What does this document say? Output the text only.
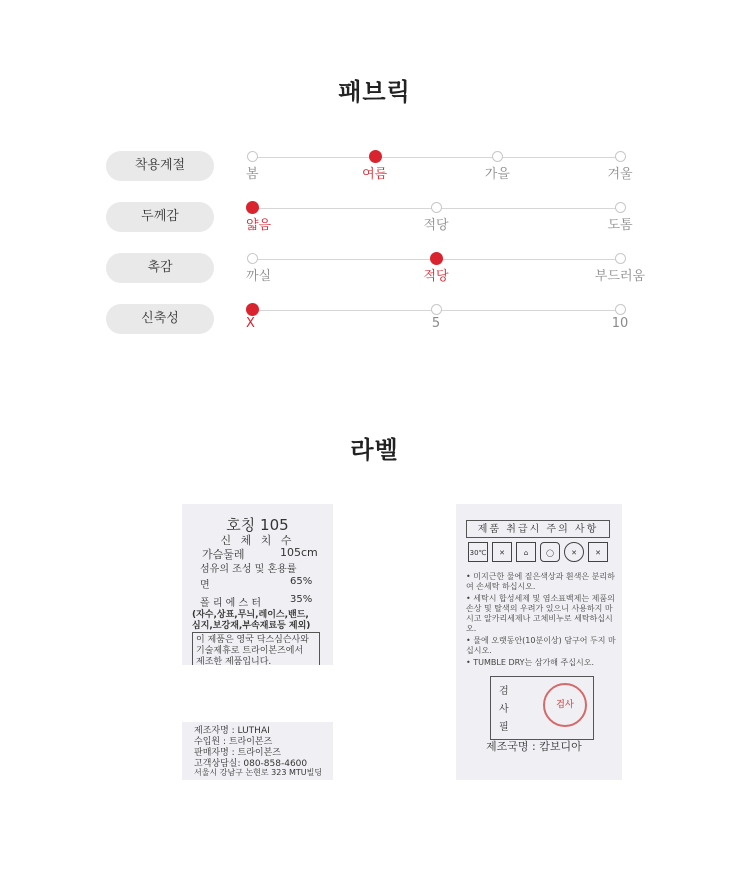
패브릭
착용계절
봄	여름	가을	겨울
두께감
얇음	적당	도톰
촉감
까실	적당	부드러움
신축성	X	5	10
라벨
호칭 105
신 체 치 수
가슴둘레	105cm
섬유의 조성 및 혼용률
면	65%
폴 리 에 스 터	35%
(자수,상표,무늬,레이스,밴드,
심지,보강재,부속재료등 제외)
이 제품은 영국 닥스심슨사와
기술제휴로 트라이본즈에서
제조한 제품입니다.
제조자명 : LUTHAI
수입원 : 트라이본즈
판매자명 : 트라이본즈
고객상담실: 080-858-4600
서울시 강남구 논현로 323 MTU빌딩
제품 취급시 주의 사항
30℃	✕	⌂	◯	✕	✕
• 미지근한 물에 짙은색상과 흰색은 분리하여 손세탁 하십시오.
• 세탁시 합성세제 및 염소표백제는 제품의 손상 및 탈색의 우려가 있으니 사용하지 마시고 알카리세제나 고체비누로 세탁하십시오.
• 물에 오랫동안(10분이상) 담구어 두지 마십시오.
• TUMBLE DRY는 삼가해 주십시오.
검사필
검사
제조국명 : 캄보디아
